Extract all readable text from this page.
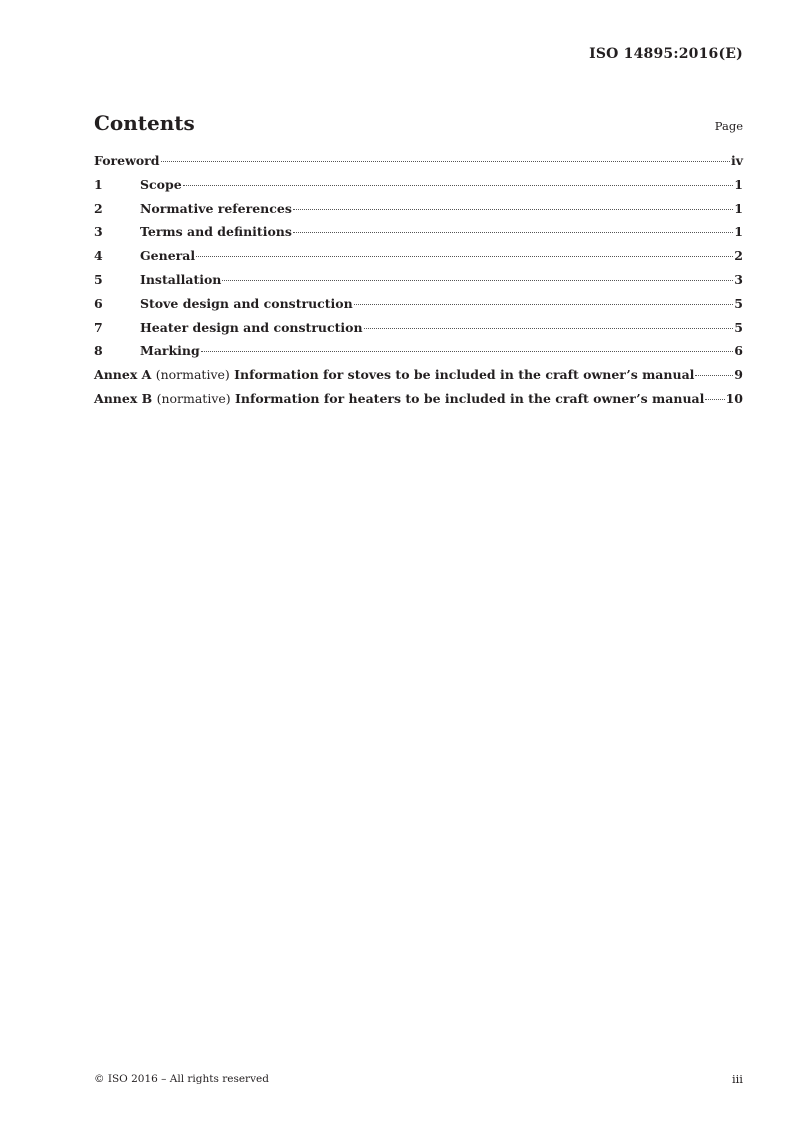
ISO 14895:2016(E)
Contents	Page
Foreword	iv
1	Scope	1
2	Normative references	1
3	Terms and definitions	1
4	General	2
5	Installation	3
6	Stove design and construction	5
7	Heater design and construction	5
8	Marking	6
Annex A (normative) Information for stoves to be included in the craft owner’s manual	9
Annex B (normative) Information for heaters to be included in the craft owner’s manual 10
© ISO 2016 – All rights reserved	iii
